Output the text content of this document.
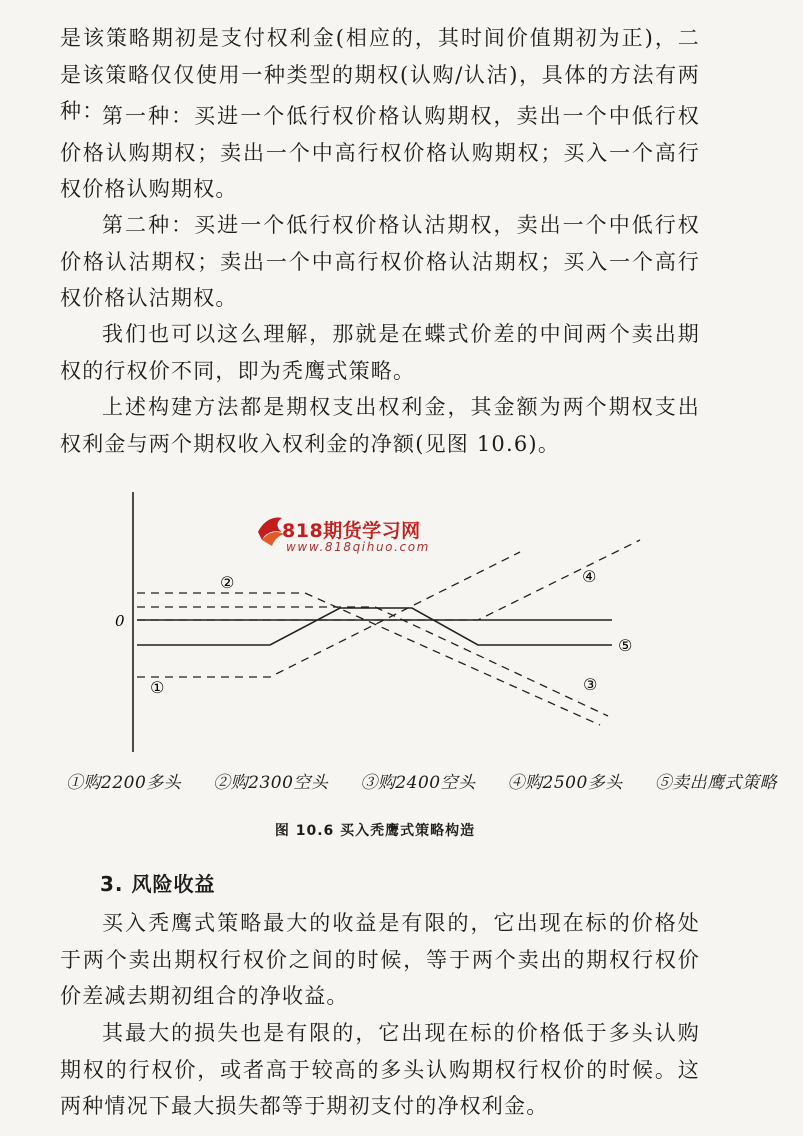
是该策略期初是支付权利金(相应的，其时间价值期初为正)，二是该策略仅仅使用一种类型的期权(认购/认沽)，具体的方法有两种：

第一种：买进一个低行权价格认购期权，卖出一个中低行权价格认购期权；卖出一个中高行权价格认购期权；买入一个高行权价格认购期权。

第二种：买进一个低行权价格认沽期权，卖出一个中低行权价格认沽期权；卖出一个中高行权价格认沽期权；买入一个高行权价格认沽期权。

我们也可以这么理解，那就是在蝶式价差的中间两个卖出期权的行权价不同，即为秃鹰式策略。

上述构建方法都是期权支出权利金，其金额为两个期权支出权利金与两个期权收入权利金的净额(见图 10.6)。

0
②	④
⑤
①	③
818期货学习网
www.818qihuo.com
①购2200多头 ②购2300空头 ③购2400空头 ④购2500多头 ⑤卖出鹰式策略
图 10.6 买入秃鹰式策略构造
3. 风险收益

买入秃鹰式策略最大的收益是有限的，它出现在标的价格处于两个卖出期权行权价之间的时候，等于两个卖出的期权行权价价差减去期初组合的净收益。

其最大的损失也是有限的，它出现在标的价格低于多头认购期权的行权价，或者高于较高的多头认购期权行权价的时候。这两种情况下最大损失都等于期初支付的净权利金。
